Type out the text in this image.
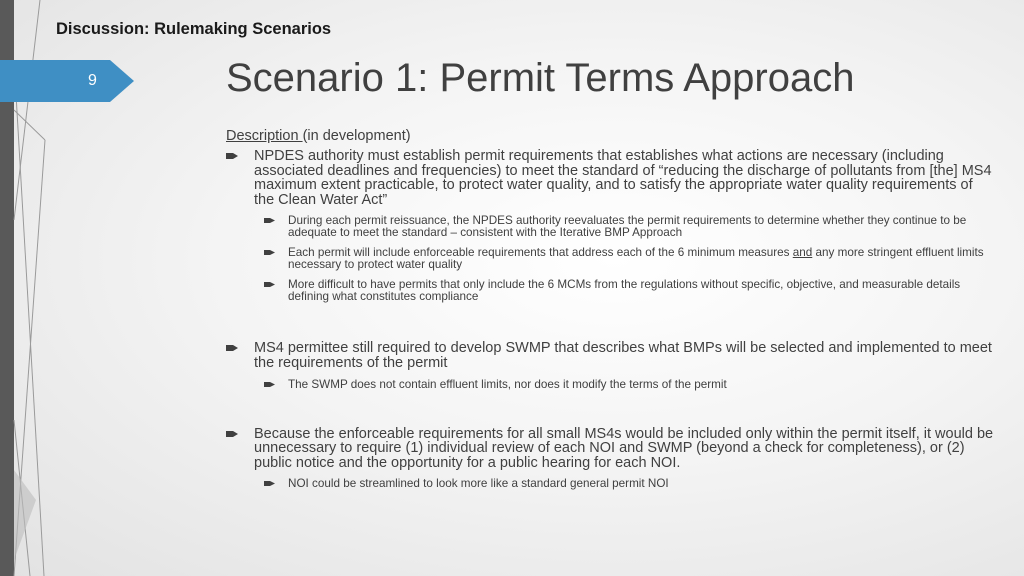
Discussion: Rulemaking Scenarios
9	Scenario 1: Permit Terms Approach
Description (in development)
NPDES authority must establish permit requirements that establishes what actions are necessary (including associated deadlines and frequencies) to meet the standard of “reducing the discharge of pollutants from [the] MS4 maximum extent practicable, to protect water quality, and to satisfy the appropriate water quality requirements of the Clean Water Act”
During each permit reissuance, the NPDES authority reevaluates the permit requirements to determine whether they continue to be adequate to meet the standard – consistent with the Iterative BMP Approach
Each permit will include enforceable requirements that address each of the 6 minimum measures and any more stringent effluent limits necessary to protect water quality
More difficult to have permits that only include the 6 MCMs from the regulations without specific, objective, and measurable details defining what constitutes compliance
MS4 permittee still required to develop SWMP that describes what BMPs will be selected and implemented to meet the requirements of the permit
The SWMP does not contain effluent limits, nor does it modify the terms of the permit
Because the enforceable requirements for all small MS4s would be included only within the permit itself, it would be unnecessary to require (1) individual review of each NOI and SWMP (beyond a check for completeness), or (2) public notice and the opportunity for a public hearing for each NOI.
NOI could be streamlined to look more like a standard general permit NOI
